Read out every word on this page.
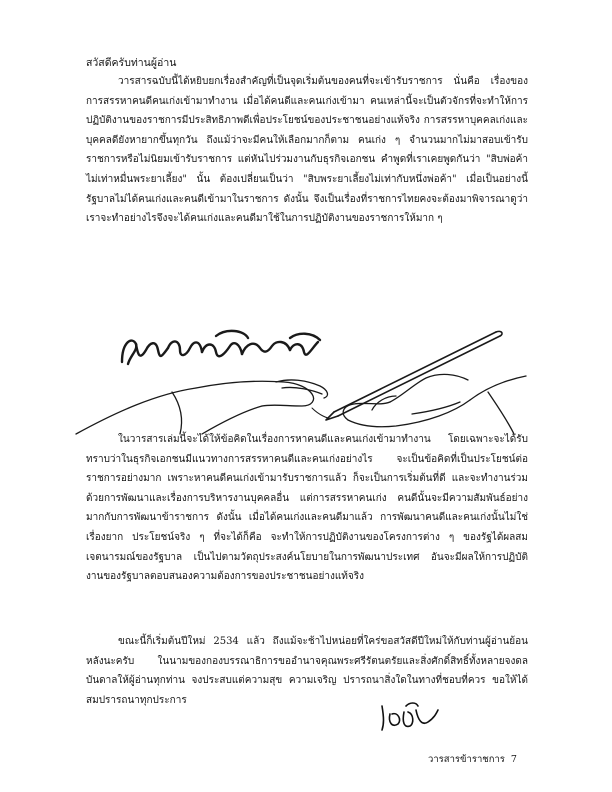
สวัสดีครับท่านผู้อ่าน
วารสารฉบับนี้ได้หยิบยกเรื่องสำคัญที่เป็นจุดเริ่มต้นของคนที่จะเข้ารับราชการ นั่นคือ เรื่องของการสรรหาคนดีคนเก่งเข้ามาทำงาน เมื่อได้คนดีและคนเก่งเข้ามา คนเหล่านี้จะเป็นตัวจักรที่จะทำให้การปฏิบัติงานของราชการมีประสิทธิภาพดีเพื่อประโยชน์ของประชาชนอย่างแท้จริง การสรรหาบุคคลเก่งและบุคคลดียังหายากขึ้นทุกวัน ถึงแม้ว่าจะมีคนให้เลือกมากก็ตาม คนเก่ง ๆ จำนวนมากไม่มาสอบเข้ารับราชการหรือไม่นิยมเข้ารับราชการ แต่หันไปร่วมงานกับธุรกิจเอกชน คำพูดที่เราเคยพูดกันว่า "สิบพ่อค้าไม่เท่าหมื่นพระยาเลี้ยง" นั้น ต้องเปลี่ยนเป็นว่า "สิบพระยาเลี้ยงไม่เท่ากับหนึ่งพ่อค้า" เมื่อเป็นอย่างนี้รัฐบาลไม่ได้คนเก่งและคนดีเข้ามาในราชการ ดังนั้น จึงเป็นเรื่องที่ราชการไทยคงจะต้องมาพิจารณาดูว่าเราจะทำอย่างไรจึงจะได้คนเก่งและคนดีมาใช้ในการปฏิบัติงานของราชการให้มาก ๆ
ในวารสารเล่มนี้จะได้ให้ข้อคิดในเรื่องการหาคนดีและคนเก่งเข้ามาทำงาน โดยเฉพาะจะได้รับทราบว่าในธุรกิจเอกชนมีแนวทางการสรรหาคนดีและคนเก่งอย่างไร จะเป็นข้อคิดที่เป็นประโยชน์ต่อราชการอย่างมาก เพราะหาคนดีคนเก่งเข้ามารับราชการแล้ว ก็จะเป็นการเริ่มต้นที่ดี และจะทำงานร่วมด้วยการพัฒนาและเรื่องการบริหารงานบุคคลอื่น แต่การสรรหาคนเก่ง คนดีนั้นจะมีความสัมพันธ์อย่างมากกับการพัฒนาข้าราชการ ดังนั้น เมื่อได้คนเก่งและคนดีมาแล้ว การพัฒนาคนดีและคนเก่งนั้นไม่ใช่เรื่องยาก ประโยชน์จริง ๆ ที่จะได้ก็คือ จะทำให้การปฏิบัติงานของโครงการต่าง ๆ ของรัฐได้ผลสมเจตนารมณ์ของรัฐบาล เป็นไปตามวัตถุประสงค์นโยบายในการพัฒนาประเทศ อันจะมีผลให้การปฏิบัติงานของรัฐบาลตอบสนองความต้องการของประชาชนอย่างแท้จริง
ขณะนี้ก็เริ่มต้นปีใหม่ 2534 แล้ว ถึงแม้จะช้าไปหน่อยที่ใคร่ขอสวัสดีปีใหม่ให้กับท่านผู้อ่านย้อนหลังนะครับ ในนามของกองบรรณาธิการขออำนาจคุณพระศรีรัตนตรัยและสิ่งศักดิ์สิทธิ์ทั้งหลายจงดลบันดาลให้ผู้อ่านทุกท่าน จงประสบแต่ความสุข ความเจริญ ปรารถนาสิ่งใดในทางที่ชอบที่ควร ขอให้ได้สมปรารถนาทุกประการ
วารสารข้าราชการ 7
